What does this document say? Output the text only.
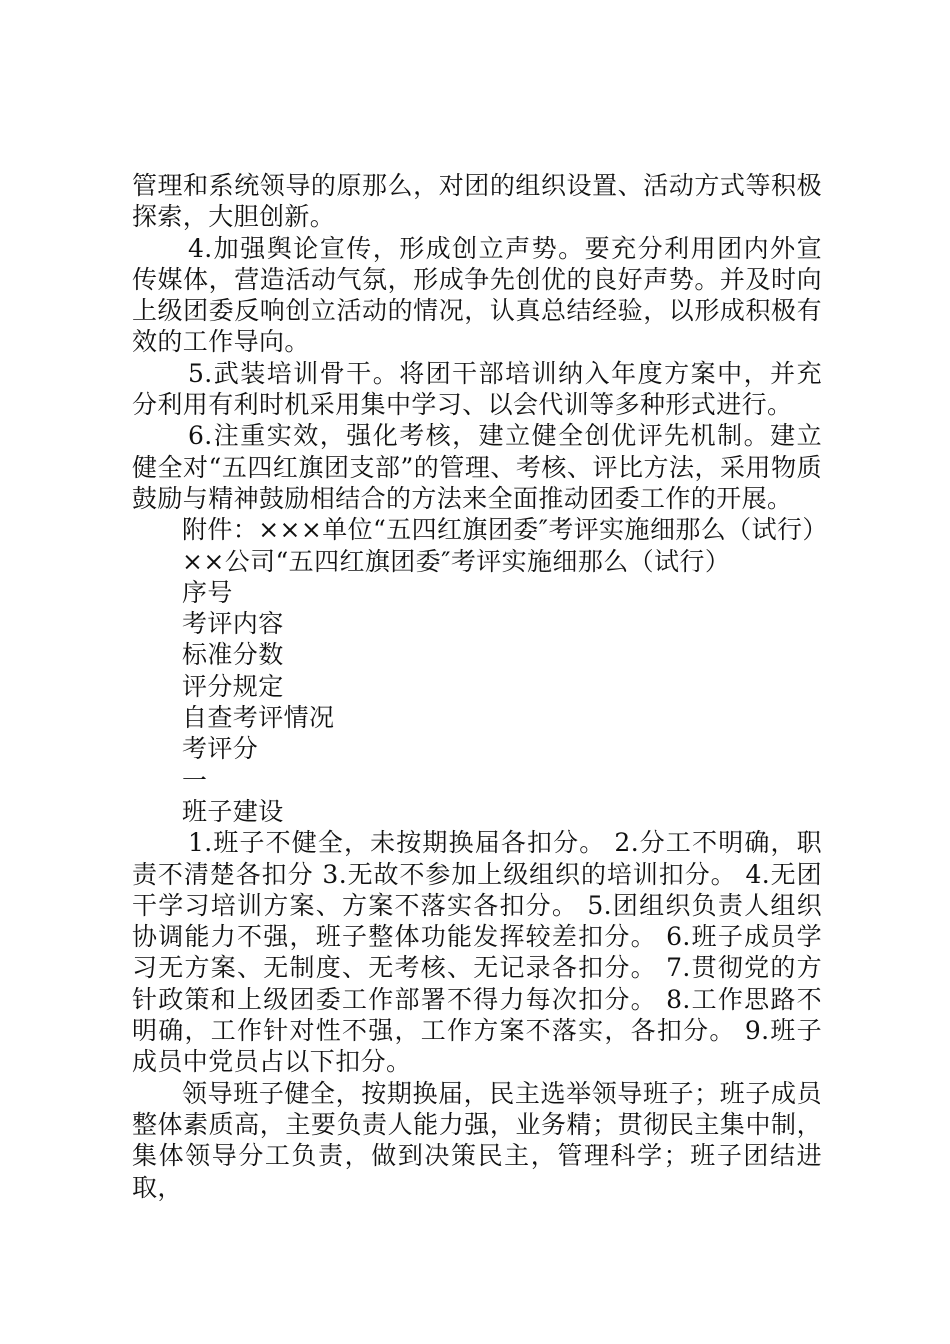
管理和系统领导的原那么，对团的组织设置、活动方式等积极探索，大胆创新。

4.加强舆论宣传，形成创立声势。要充分利用团内外宣传媒体，营造活动气氛，形成争先创优的良好声势。并及时向上级团委反响创立活动的情况，认真总结经验，以形成积极有效的工作导向。

5.武装培训骨干。将团干部培训纳入年度方案中，并充分利用有利时机采用集中学习、以会代训等多种形式进行。

6.注重实效，强化考核，建立健全创优评先机制。建立健全对“五四红旗团支部”的管理、考核、评比方法，采用物质鼓励与精神鼓励相结合的方法来全面推动团委工作的开展。

附件：×××单位“五四红旗团委″考评实施细那么（试行）

××公司“五四红旗团委″考评实施细那么（试行）

序号

考评内容

标准分数

评分规定

自查考评情况

考评分

一

班子建设

1.班子不健全，未按期换届各扣分。 2.分工不明确，职责不清楚各扣分 3.无故不参加上级组织的培训扣分。 4.无团干学习培训方案、方案不落实各扣分。 5.团组织负责人组织协调能力不强，班子整体功能发挥较差扣分。 6.班子成员学习无方案、无制度、无考核、无记录各扣分。 7.贯彻党的方针政策和上级团委工作部署不得力每次扣分。 8.工作思路不明确，工作针对性不强，工作方案不落实，各扣分。 9.班子成员中党员占以下扣分。

领导班子健全，按期换届，民主选举领导班子；班子成员整体素质高，主要负责人能力强，业务精；贯彻民主集中制，集体领导分工负责，做到决策民主，管理科学；班子团结进取，
